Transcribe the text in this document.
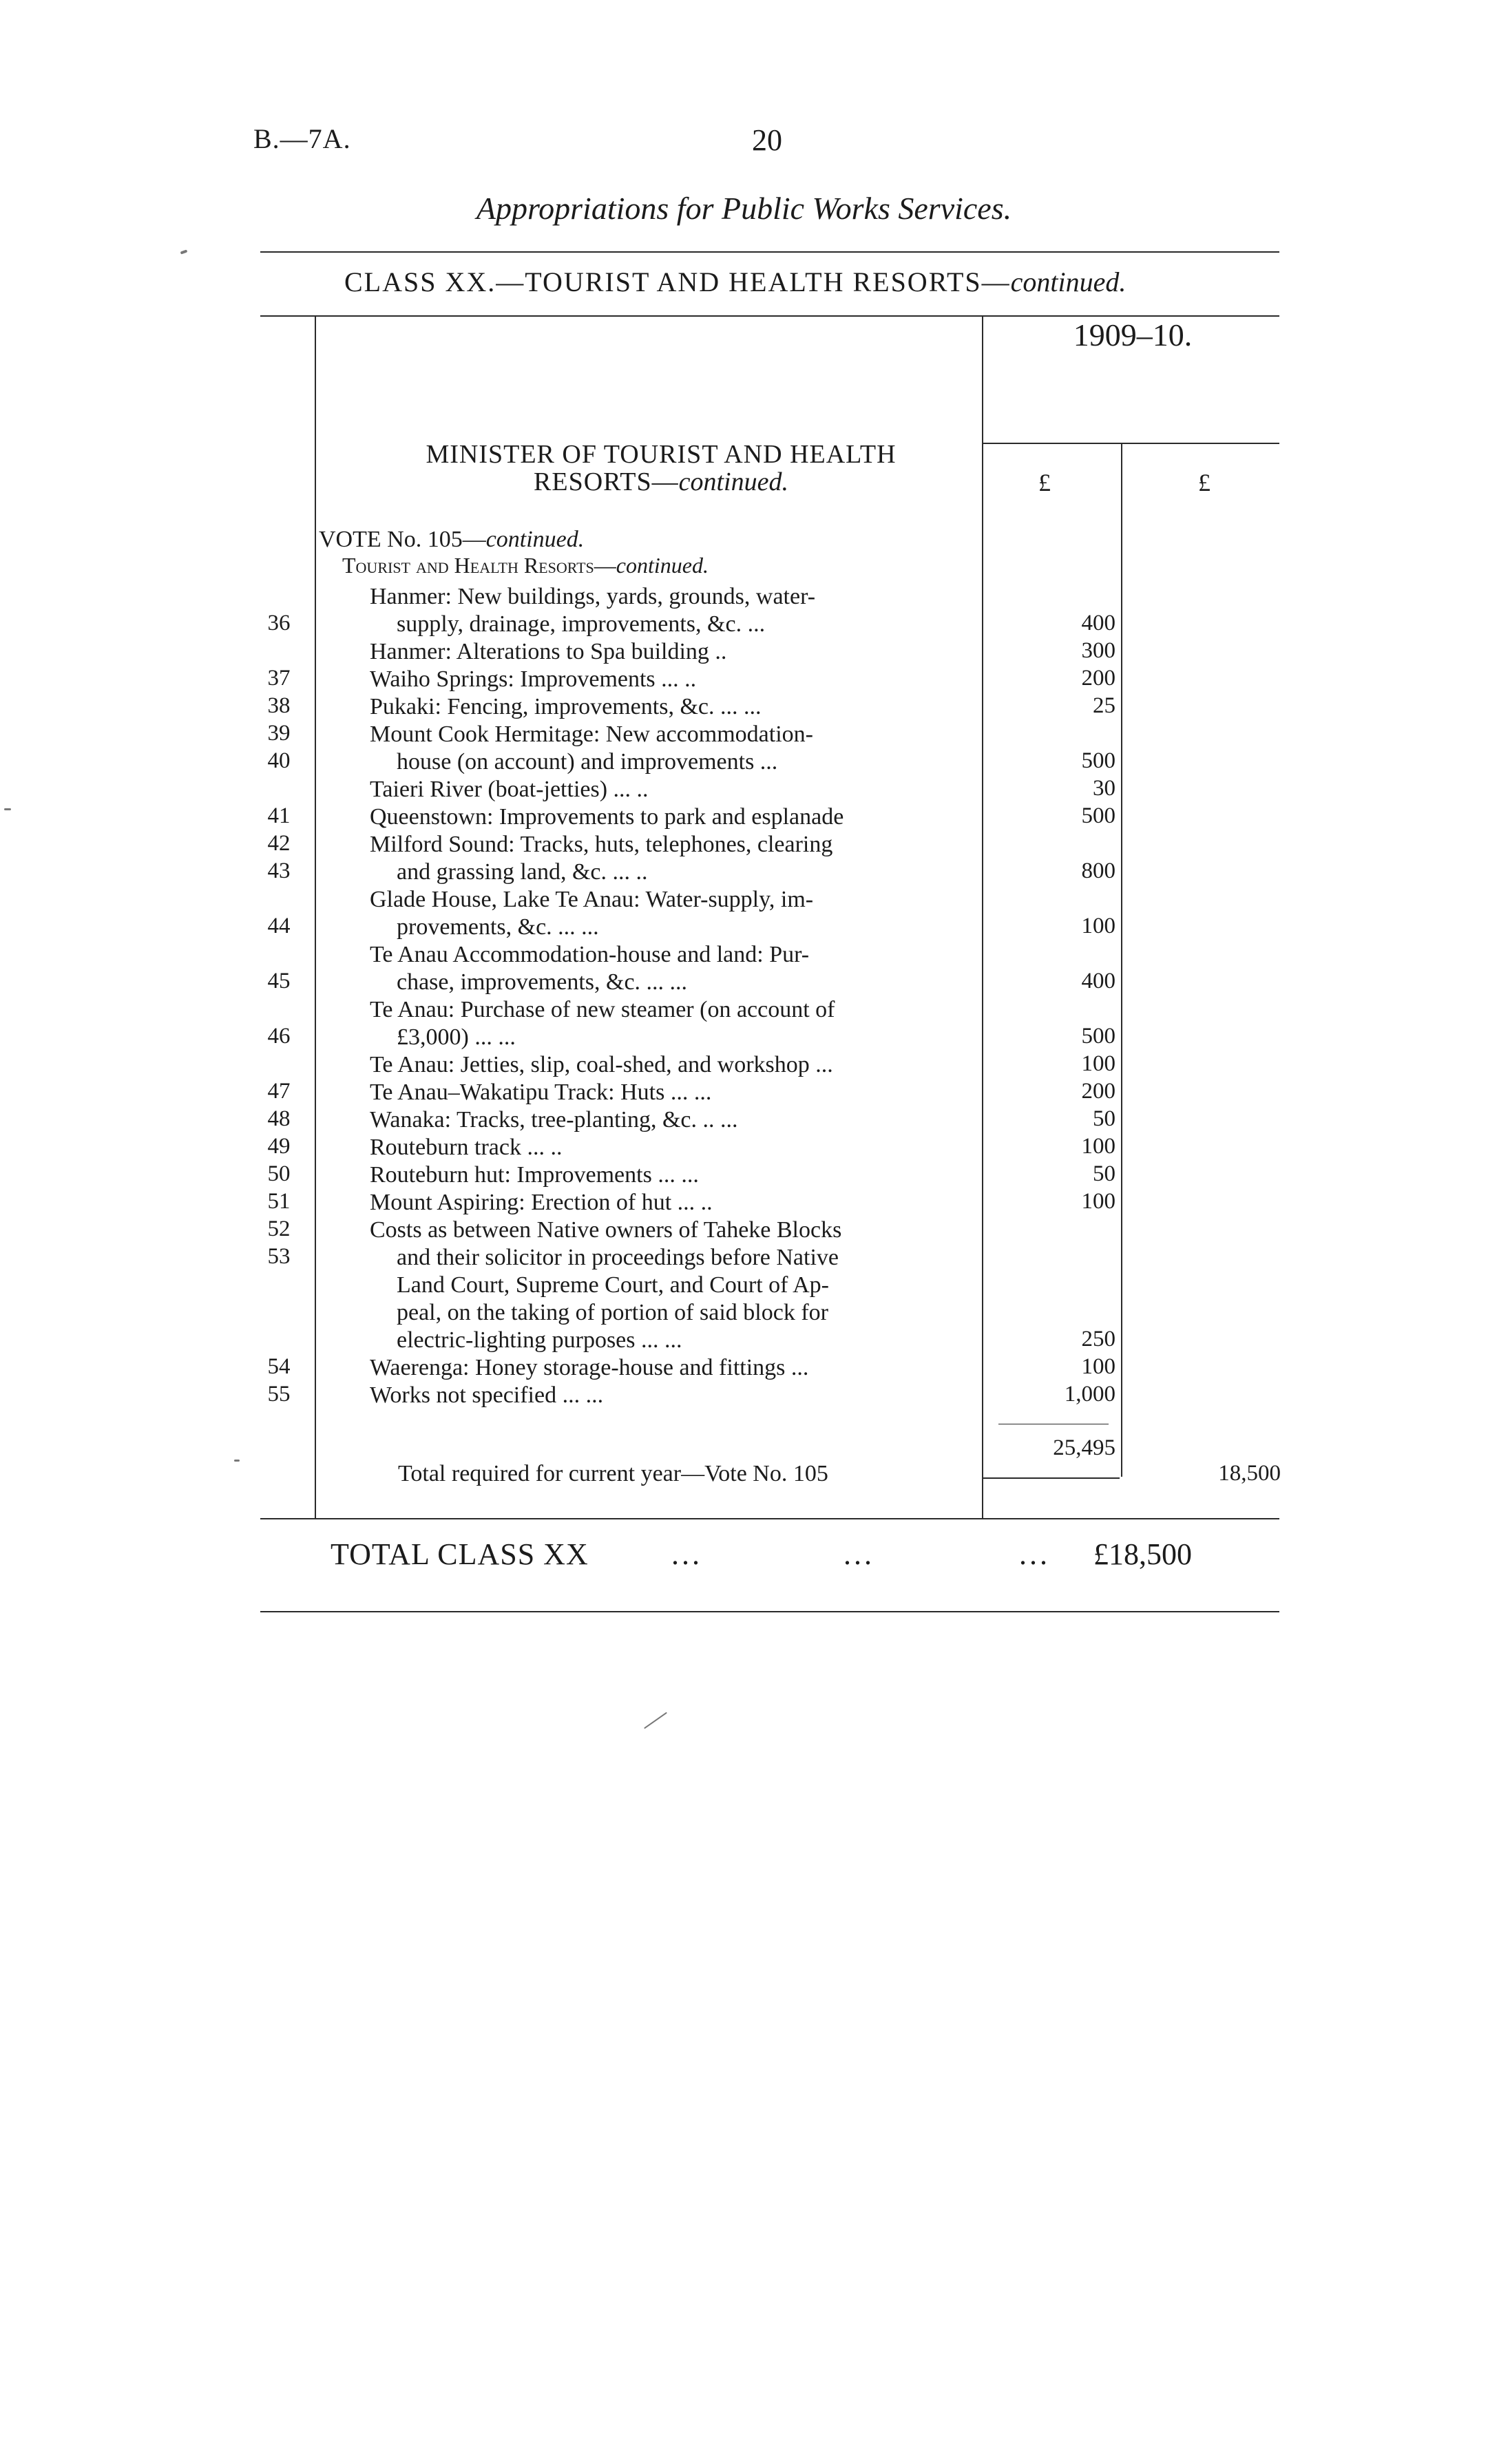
B.—7A.	20
Appropriations for Public Works Services.
CLASS XX.—TOURIST AND HEALTH RESORTS—continued.
1909–10.
£	£
MINISTER OF TOURIST AND HEALTH
RESORTS—continued.
VOTE No. 105—continued.
Tourist and Health Resorts—continued.
Hanmer: New buildings, yards, grounds, water-
36	supply, drainage, improvements, &c. ...	400
Hanmer: Alterations to Spa building ..	300
37	Waiho Springs: Improvements ... ..	200
38	Pukaki: Fencing, improvements, &c. ... ...	25
39	Mount Cook Hermitage: New accommodation-
40	house (on account) and improvements ...	500
Taieri River (boat-jetties) ... ..	30
41	Queenstown: Improvements to park and esplanade	500
42	Milford Sound: Tracks, huts, telephones, clearing
43	and grassing land, &c. ... ..	800
Glade House, Lake Te Anau: Water-supply, im-
44	provements, &c. ... ...	100
Te Anau Accommodation-house and land: Pur-
45	chase, improvements, &c. ... ...	400
Te Anau: Purchase of new steamer (on account of
46	£3,000) ... ...	500
Te Anau: Jetties, slip, coal-shed, and workshop ...	100
47	Te Anau–Wakatipu Track: Huts ... ...	200
48	Wanaka: Tracks, tree-planting, &c. .. ...	50
49	Routeburn track ... ..	100
50	Routeburn hut: Improvements ... ...	50
51	Mount Aspiring: Erection of hut ... ..	100
52	Costs as between Native owners of Taheke Blocks
53	and their solicitor in proceedings before Native
Land Court, Supreme Court, and Court of Ap-
peal, on the taking of portion of said block for
electric-lighting purposes ... ...	250
54	Waerenga: Honey storage-house and fittings ...	100
55	Works not specified ... ...	1,000
25,495
Total required for current year—Vote No. 105	18,500
TOTAL CLASS XX	...	...	... £18,500
